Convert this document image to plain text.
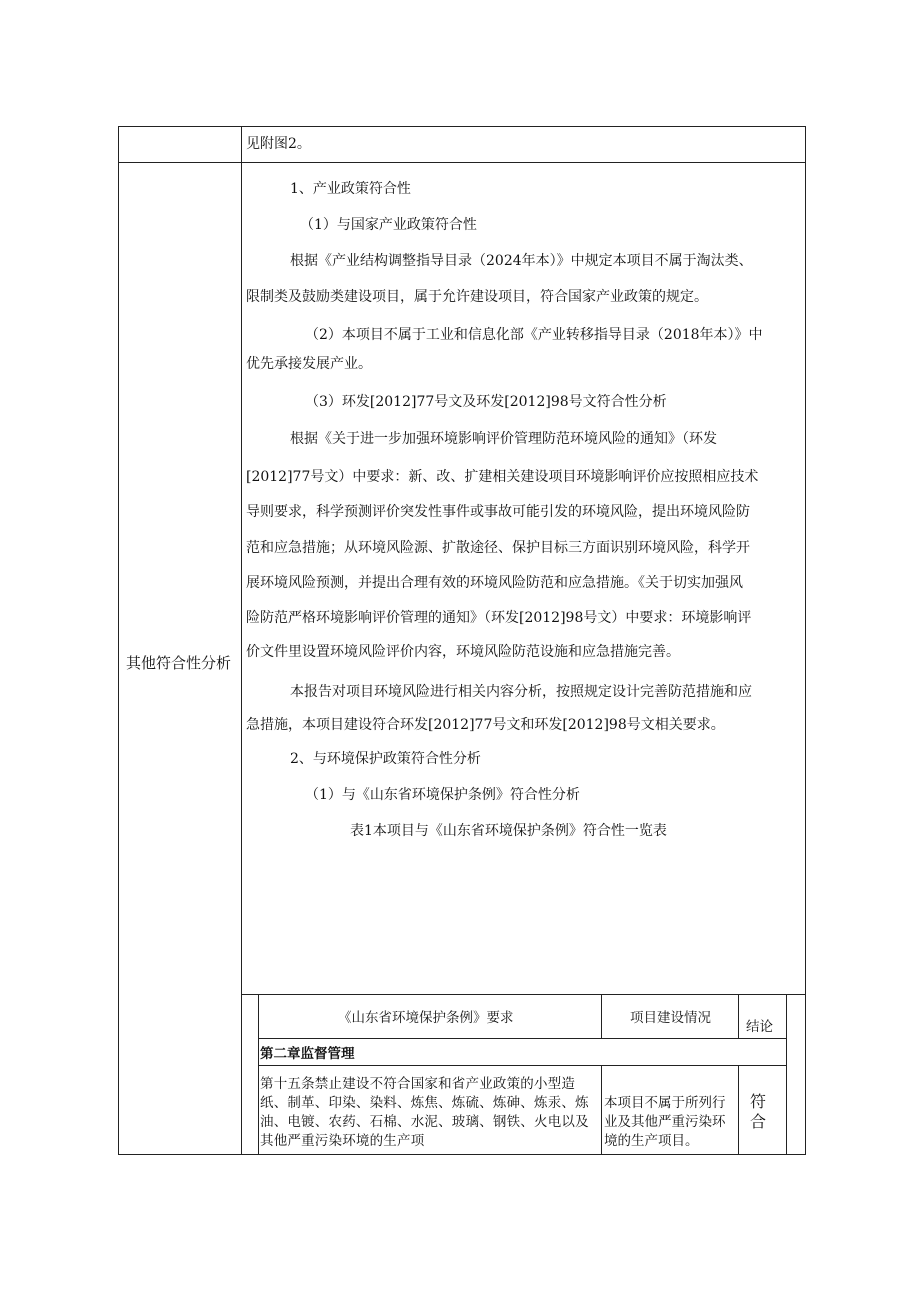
见附图2。
其他符合性分析
1、产业政策符合性
（1）与国家产业政策符合性
根据《产业结构调整指导目录（2024年本）》中规定本项目不属于淘汰类、
限制类及鼓励类建设项目，属于允许建设项目，符合国家产业政策的规定。
（2）本项目不属于工业和信息化部《产业转移指导目录（2018年本）》中
优先承接发展产业。
（3）环发[2012]77号文及环发[2012]98号文符合性分析
根据《关于进一步加强环境影响评价管理防范环境风险的通知》（环发
[2012]77号文）中要求：新、改、扩建相关建设项目环境影响评价应按照相应技术
导则要求，科学预测评价突发性事件或事故可能引发的环境风险，提出环境风险防
范和应急措施；从环境风险源、扩散途径、保护目标三方面识别环境风险，科学开
展环境风险预测，并提出合理有效的环境风险防范和应急措施。《关于切实加强风
险防范严格环境影响评价管理的通知》（环发[2012]98号文）中要求：环境影响评
价文件里设置环境风险评价内容，环境风险防范设施和应急措施完善。
本报告对项目环境风险进行相关内容分析，按照规定设计完善防范措施和应
急措施，本项目建设符合环发[2012]77号文和环发[2012]98号文相关要求。
2、与环境保护政策符合性分析
（1）与《山东省环境保护条例》符合性分析
表1本项目与《山东省环境保护条例》符合性一览表
《山东省环境保护条例》要求	项目建设情况
结论
第二章监督管理
第十五条禁止建设不符合国家和省产业政策的小型造纸、制革、印染、染料、炼焦、炼硫、炼砷、炼汞、炼油、电镀、农药、石棉、水泥、玻璃、钢铁、火电以及其他严重污染环境的生产项
本项目不属于所列行业及其他严重污染环境的生产项目。
符合
